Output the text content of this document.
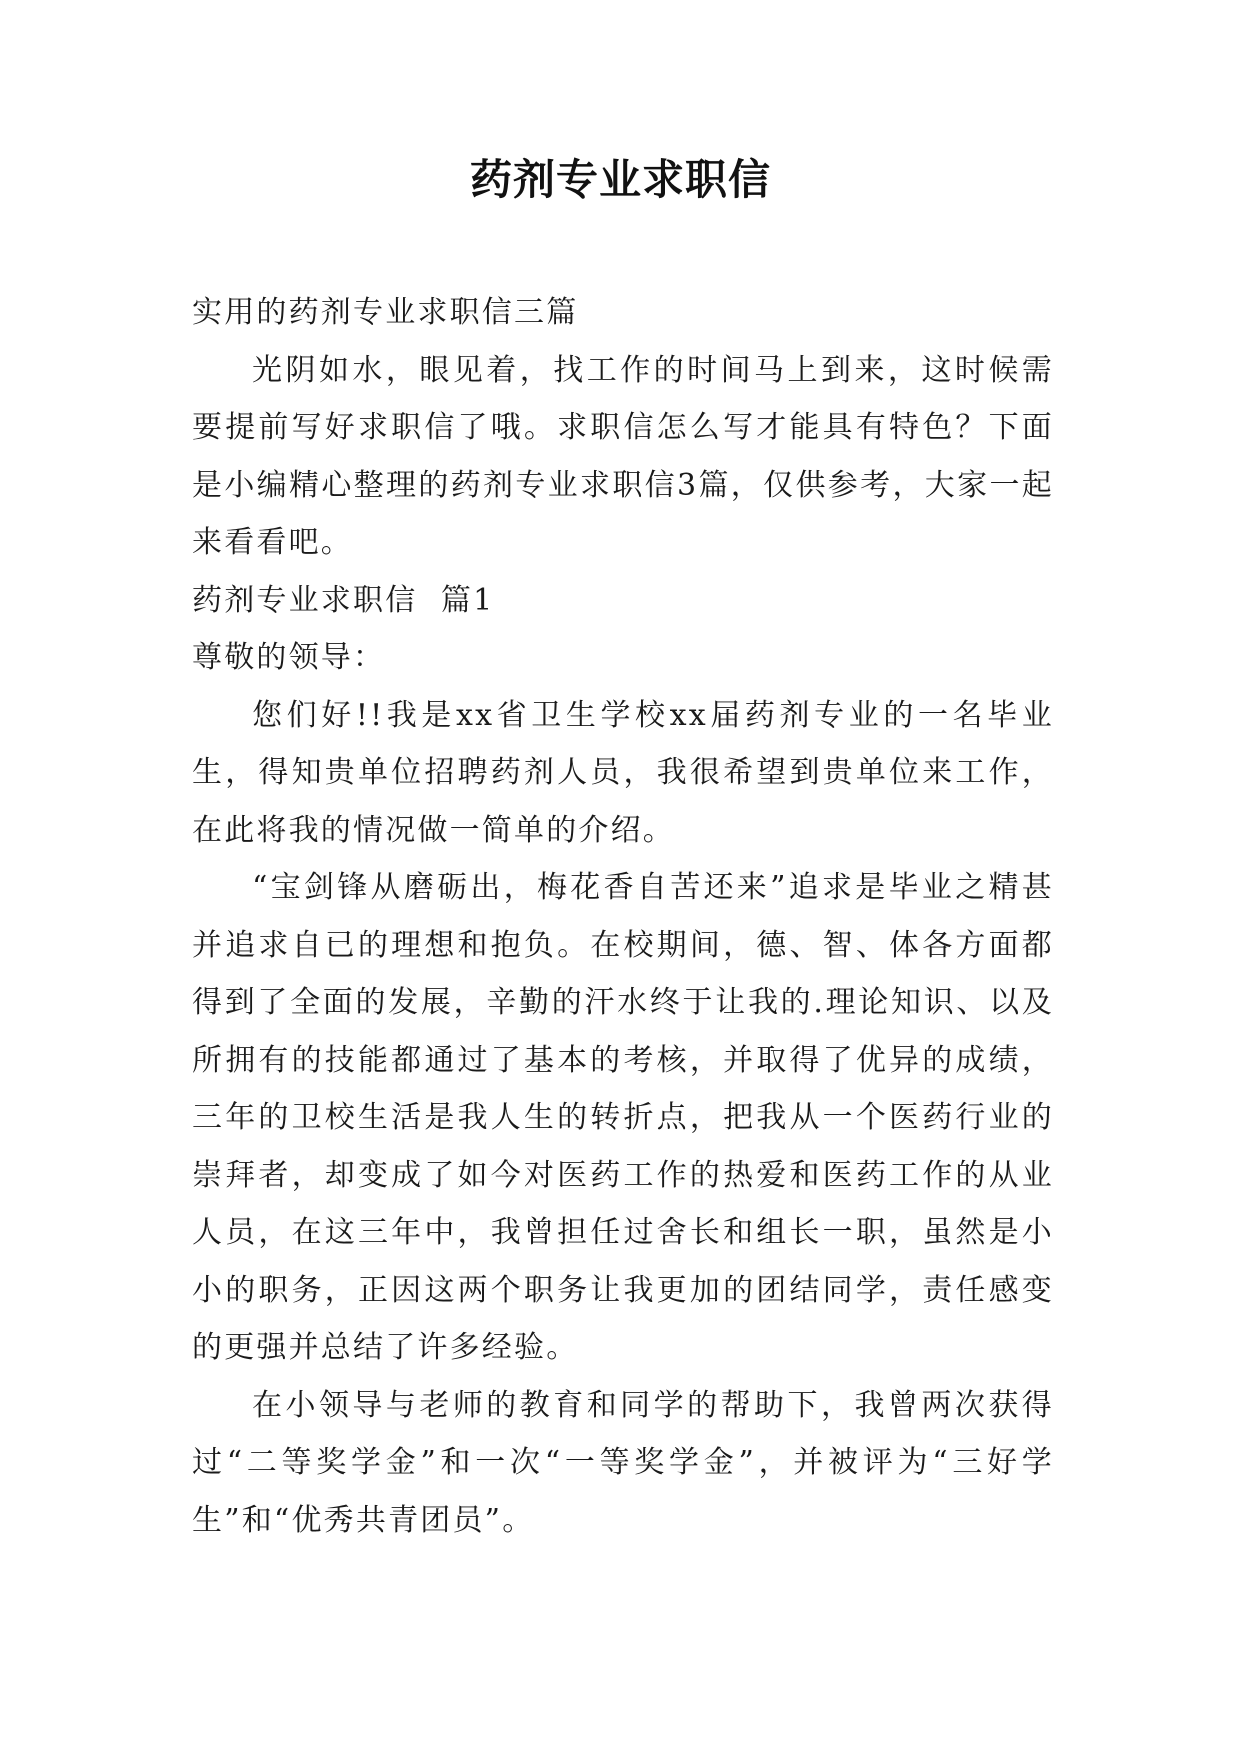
药剂专业求职信

实用的药剂专业求职信三篇

光阴如水，眼见着，找工作的时间马上到来，这时候需要提前写好求职信了哦。求职信怎么写才能具有特色？下面是小编精心整理的药剂专业求职信3篇，仅供参考，大家一起来看看吧。

药剂专业求职信  篇1

尊敬的领导：

您们好!!我是xx省卫生学校xx届药剂专业的一名毕业生，得知贵单位招聘药剂人员，我很希望到贵单位来工作，在此将我的情况做一简单的介绍。

“宝剑锋从磨砺出，梅花香自苦还来”追求是毕业之精甚并追求自已的理想和抱负。在校期间，德、智、体各方面都得到了全面的发展，辛勤的汗水终于让我的.理论知识、以及所拥有的技能都通过了基本的考核，并取得了优异的成绩，三年的卫校生活是我人生的转折点，把我从一个医药行业的崇拜者，却变成了如今对医药工作的热爱和医药工作的从业人员，在这三年中，我曾担任过舍长和组长一职，虽然是小小的职务，正因这两个职务让我更加的团结同学，责任感变的更强并总结了许多经验。

在小领导与老师的教育和同学的帮助下，我曾两次获得过“二等奖学金”和一次“一等奖学金”，并被评为“三好学生”和“优秀共青团员”。
